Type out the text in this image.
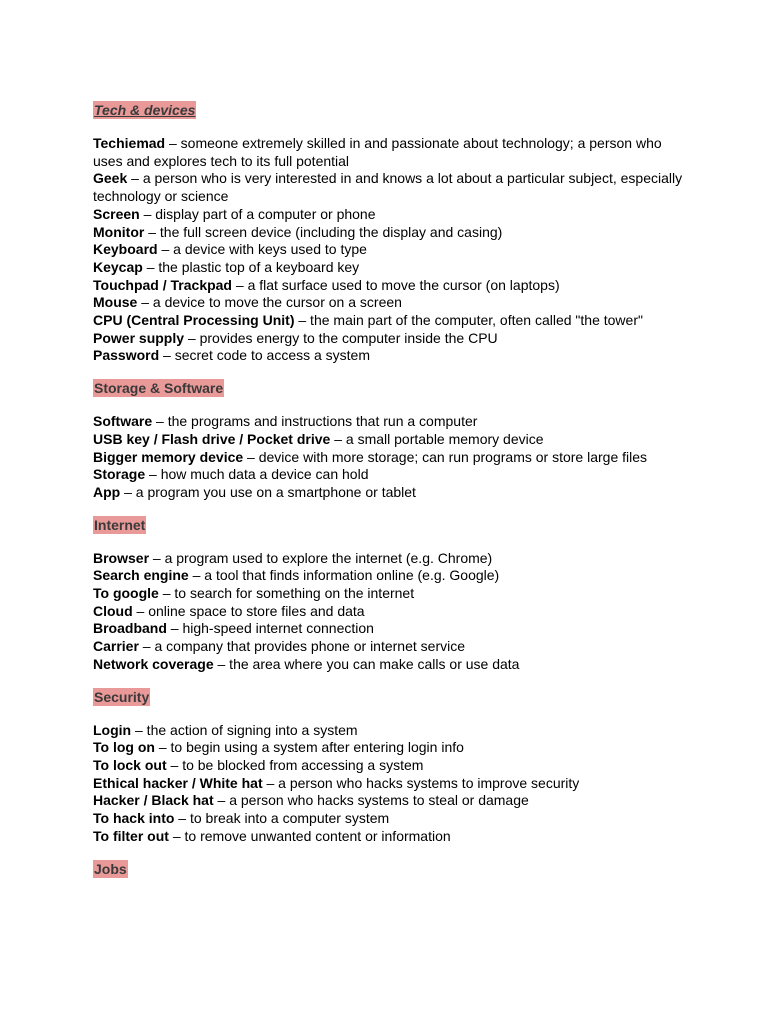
Tech & devices

Techiemad – someone extremely skilled in and passionate about technology; a person who uses and explores tech to its full potential

Geek – a person who is very interested in and knows a lot about a particular subject, especially technology or science

Screen – display part of a computer or phone

Monitor – the full screen device (including the display and casing)

Keyboard – a device with keys used to type

Keycap – the plastic top of a keyboard key

Touchpad / Trackpad – a flat surface used to move the cursor (on laptops)

Mouse – a device to move the cursor on a screen

CPU (Central Processing Unit) – the main part of the computer, often called "the tower"

Power supply – provides energy to the computer inside the CPU

Password – secret code to access a system

Storage & Software

Software – the programs and instructions that run a computer

USB key / Flash drive / Pocket drive – a small portable memory device

Bigger memory device – device with more storage; can run programs or store large files

Storage – how much data a device can hold

App – a program you use on a smartphone or tablet

Internet

Browser – a program used to explore the internet (e.g. Chrome)

Search engine – a tool that finds information online (e.g. Google)

To google – to search for something on the internet

Cloud – online space to store files and data

Broadband – high-speed internet connection

Carrier – a company that provides phone or internet service

Network coverage – the area where you can make calls or use data

Security

Login – the action of signing into a system

To log on – to begin using a system after entering login info

To lock out – to be blocked from accessing a system

Ethical hacker / White hat – a person who hacks systems to improve security

Hacker / Black hat – a person who hacks systems to steal or damage

To hack into – to break into a computer system

To filter out – to remove unwanted content or information

Jobs
